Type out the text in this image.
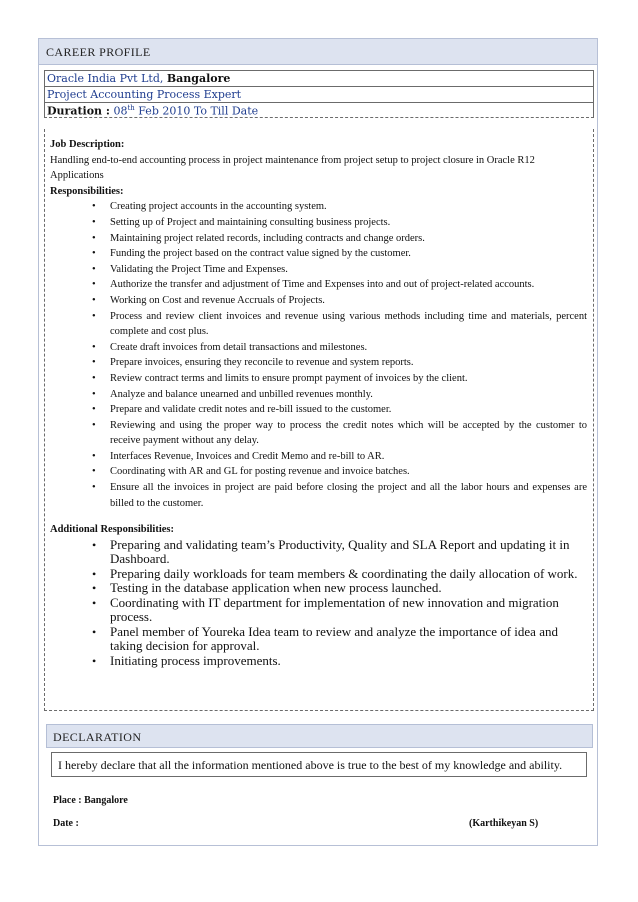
CAREER PROFILE
Oracle India Pvt Ltd, Bangalore
Project Accounting Process Expert
Duration : 08th Feb 2010 To Till Date
Job Description:
Handling end-to-end accounting process in project maintenance from project setup to project closure in Oracle R12 Applications
Responsibilities:
• Creating project accounts in the accounting system.
• Setting up of Project and maintaining consulting business projects.
• Maintaining project related records, including contracts and change orders.
• Funding the project based on the contract value signed by the customer.
• Validating the Project Time and Expenses.
• Authorize the transfer and adjustment of Time and Expenses into and out of project-related accounts.
• Working on Cost and revenue Accruals of Projects.
• Process and review client invoices and revenue using various methods including time and materials, percent complete and cost plus.
• Create draft invoices from detail transactions and milestones.
• Prepare invoices, ensuring they reconcile to revenue and system reports.
• Review contract terms and limits to ensure prompt payment of invoices by the client.
• Analyze and balance unearned and unbilled revenues monthly.
• Prepare and validate credit notes and re-bill issued to the customer.
• Reviewing and using the proper way to process the credit notes which will be accepted by the customer to receive payment without any delay.
• Interfaces Revenue, Invoices and Credit Memo and re-bill to AR.
• Coordinating with AR and GL for posting revenue and invoice batches.
• Ensure all the invoices in project are paid before closing the project and all the labor hours and expenses are billed to the customer.
Additional Responsibilities:
• Preparing and validating team’s Productivity, Quality and SLA Report and updating it in Dashboard.
• Preparing daily workloads for team members & coordinating the daily allocation of work.
• Testing in the database application when new process launched.
• Coordinating with IT department for implementation of new innovation and migration process.
• Panel member of Youreka Idea team to review and analyze the importance of idea and taking decision for approval.
• Initiating process improvements.
DECLARATION
I hereby declare that all the information mentioned above is true to the best of my knowledge and ability.
Place : Bangalore
Date :	(Karthikeyan S)
